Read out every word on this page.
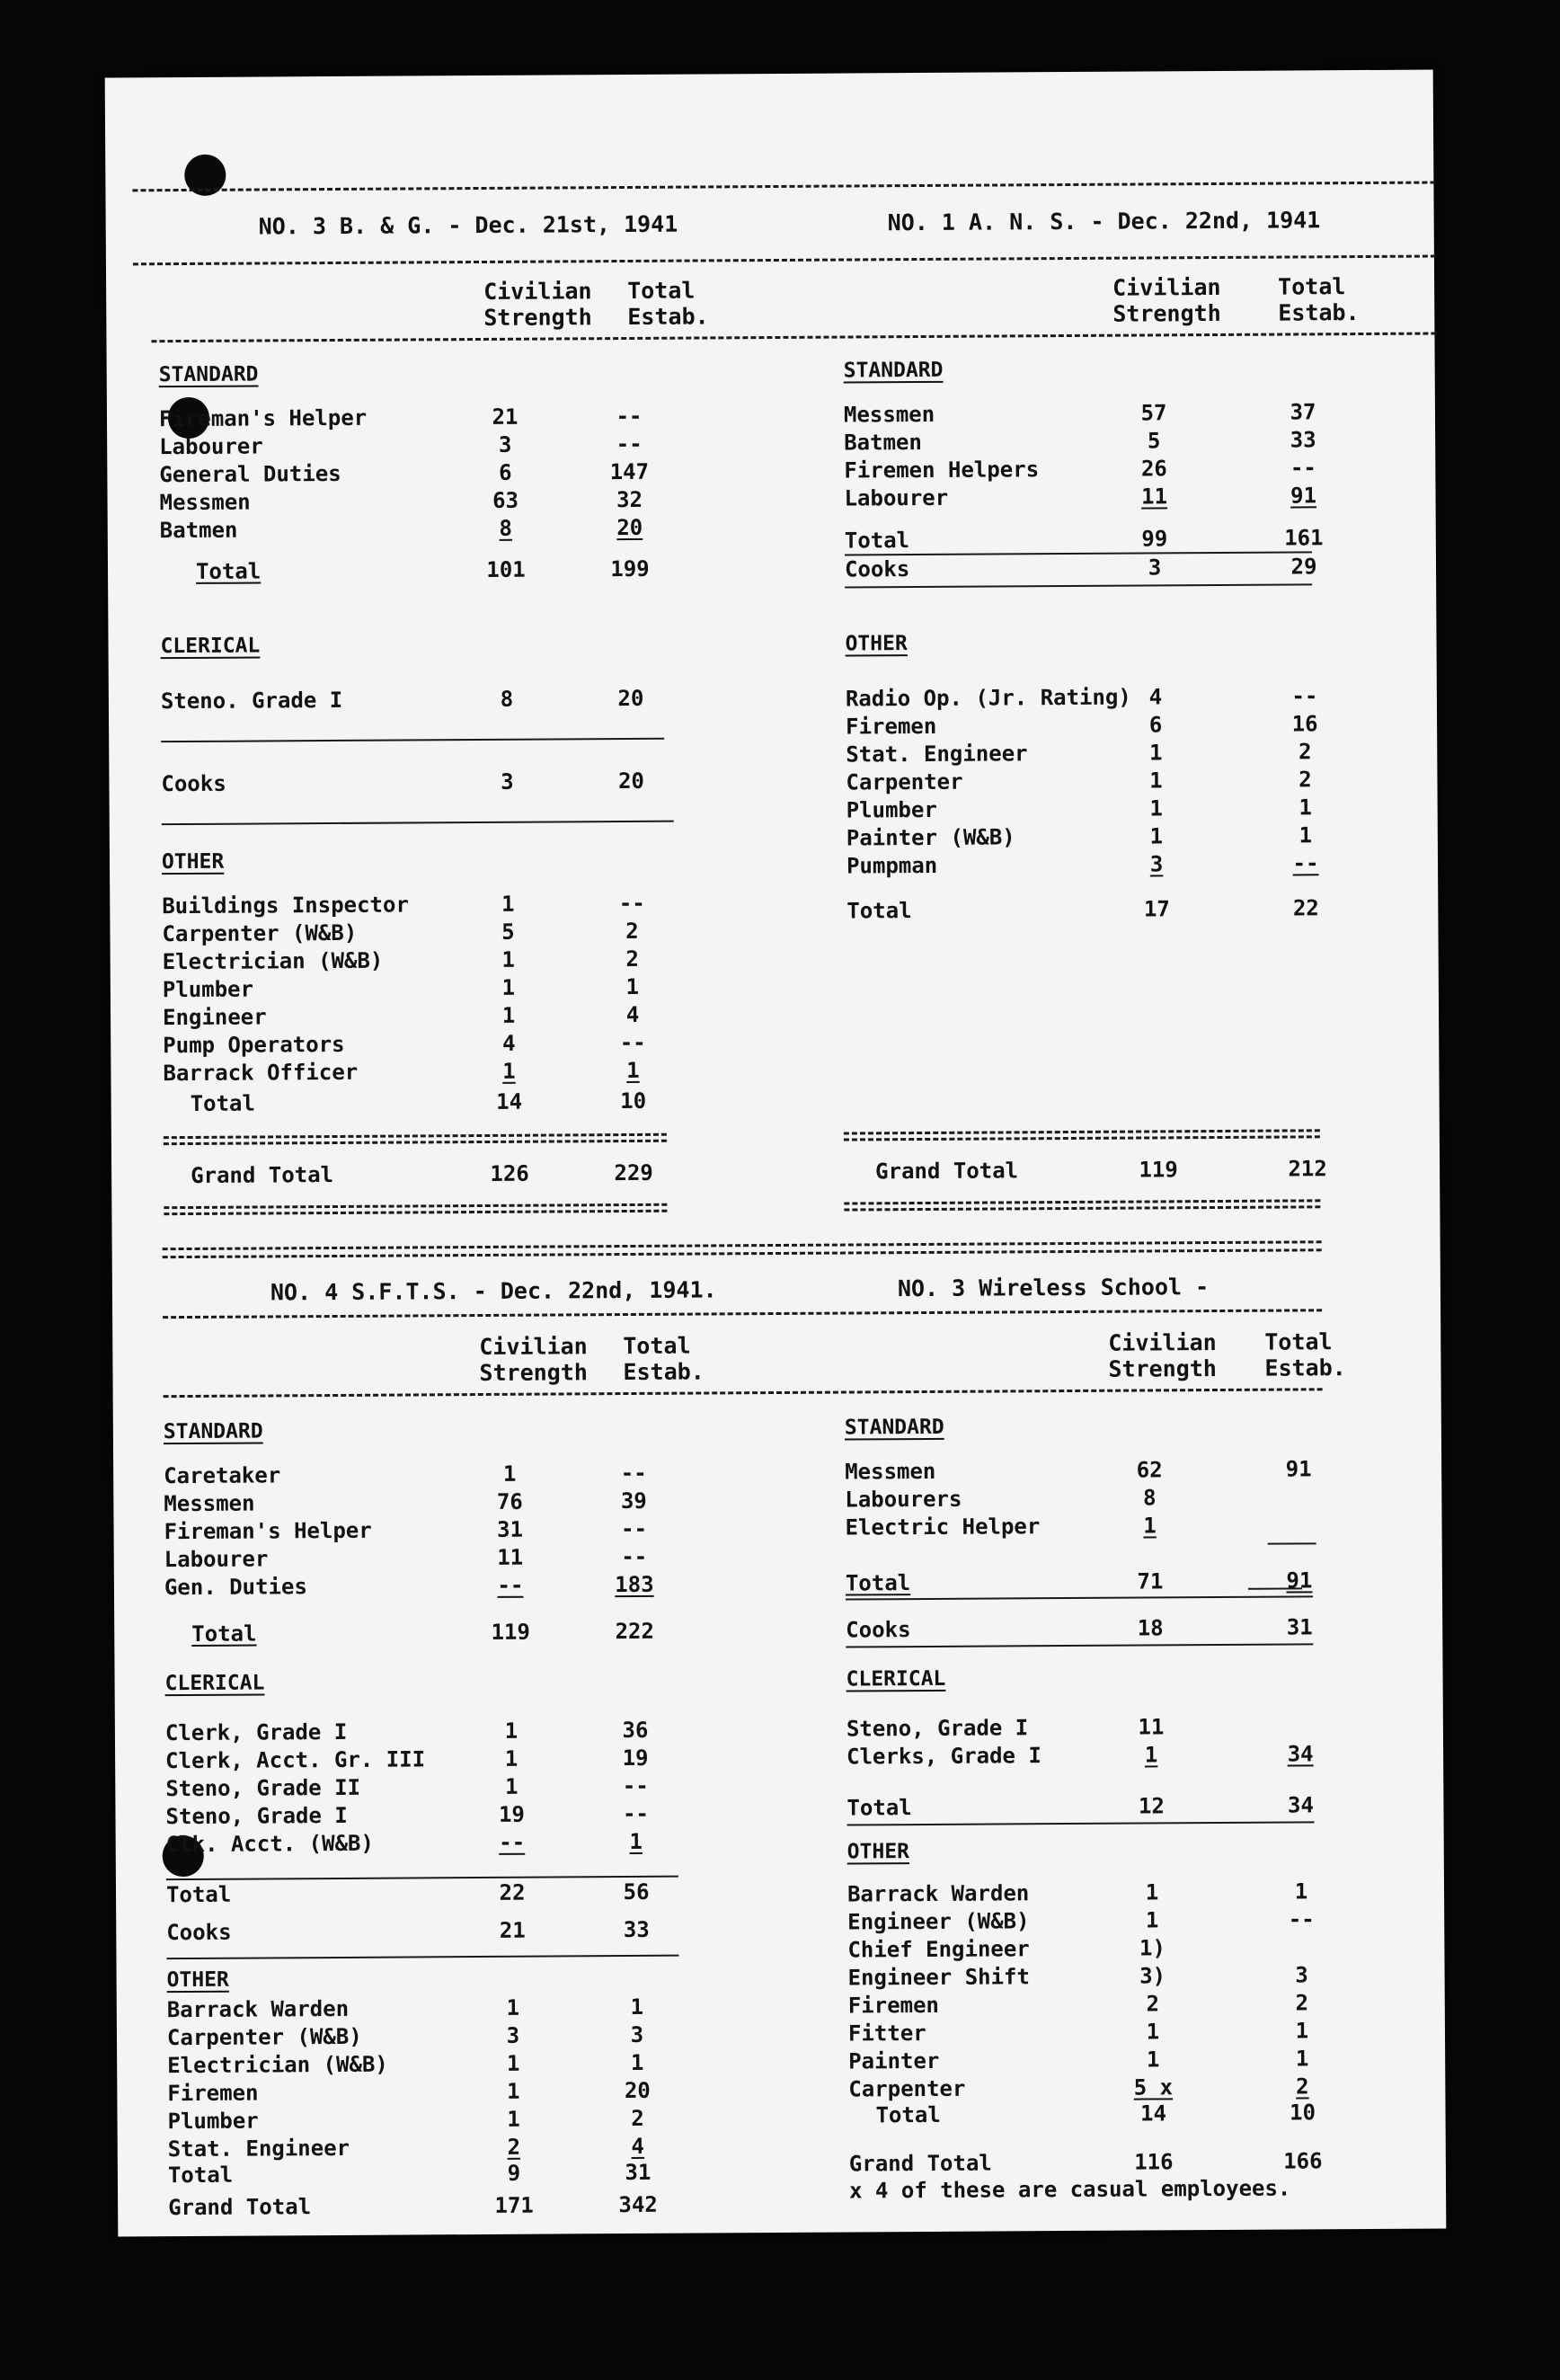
NO. 3 B. & G. - Dec. 21st, 1941	NO. 1 A. N. S. - Dec. 22nd, 1941
Civilian
Strength
Total
Estab.
Civilian
Strength
Total
Estab.
STANDARD
Fireman's Helper	21	--
Labourer	3	--
General Duties	6	147
Messmen	63	32
Batmen	8	20
Total	101	199
CLERICAL
Steno. Grade I	8	20
Cooks	3	20
OTHER
Buildings Inspector	1	--
Carpenter (W&B)	5	2
Electrician (W&B)	1	2
Plumber	1	1
Engineer	1	4
Pump Operators	4	--
Barrack Officer	1	1
Total	14	10
Grand Total	126	229
STANDARD
Messmen	57	37
Batmen	5	33
Firemen Helpers	26	--
Labourer	11	91
Total	99	161
Cooks	3	29
OTHER
Radio Op. (Jr. Rating) 4	--
Firemen	6	16
Stat. Engineer	1	2
Carpenter	1	2
Plumber	1	1
Painter (W&B)	1	1
Pumpman	3	--
Total	17	22
Grand Total	119	212
NO. 4 S.F.T.S. - Dec. 22nd, 1941.	NO. 3 Wireless School -
Civilian
Strength
Total
Estab.
Civilian
Strength
Total
Estab.
STANDARD
Caretaker	1	--
Messmen	76	39
Fireman's Helper	31	--
Labourer	11	--
Gen. Duties	--	183
Total	119	222
CLERICAL
Clerk, Grade I	1	36
Clerk, Acct. Gr. III	1	19
Steno, Grade II	1	--
Steno, Grade I	19	--
Clk. Acct. (W&B)	--	1
Total	22	56
Cooks	21	33
OTHER
Barrack Warden	1	1
Carpenter (W&B)	3	3
Electrician (W&B)	1	1
Firemen	1	20
Plumber	1	2
Stat. Engineer	2	4
Total	9	31
Grand Total	171	342
STANDARD
Messmen	62	91
Labourers	8
Electric Helper	1
Total	71	91
Cooks	18	31
CLERICAL
Steno, Grade I	11
Clerks, Grade I	1	34
Total	12	34
OTHER
Barrack Warden	1	1
Engineer (W&B)	1	--
Chief Engineer	1)
Engineer Shift	3)	3
Firemen	2	2
Fitter	1	1
Painter	1	1
Carpenter	5 x	2
Total	14	10
Grand Total	116	166
x 4 of these are casual employees.
